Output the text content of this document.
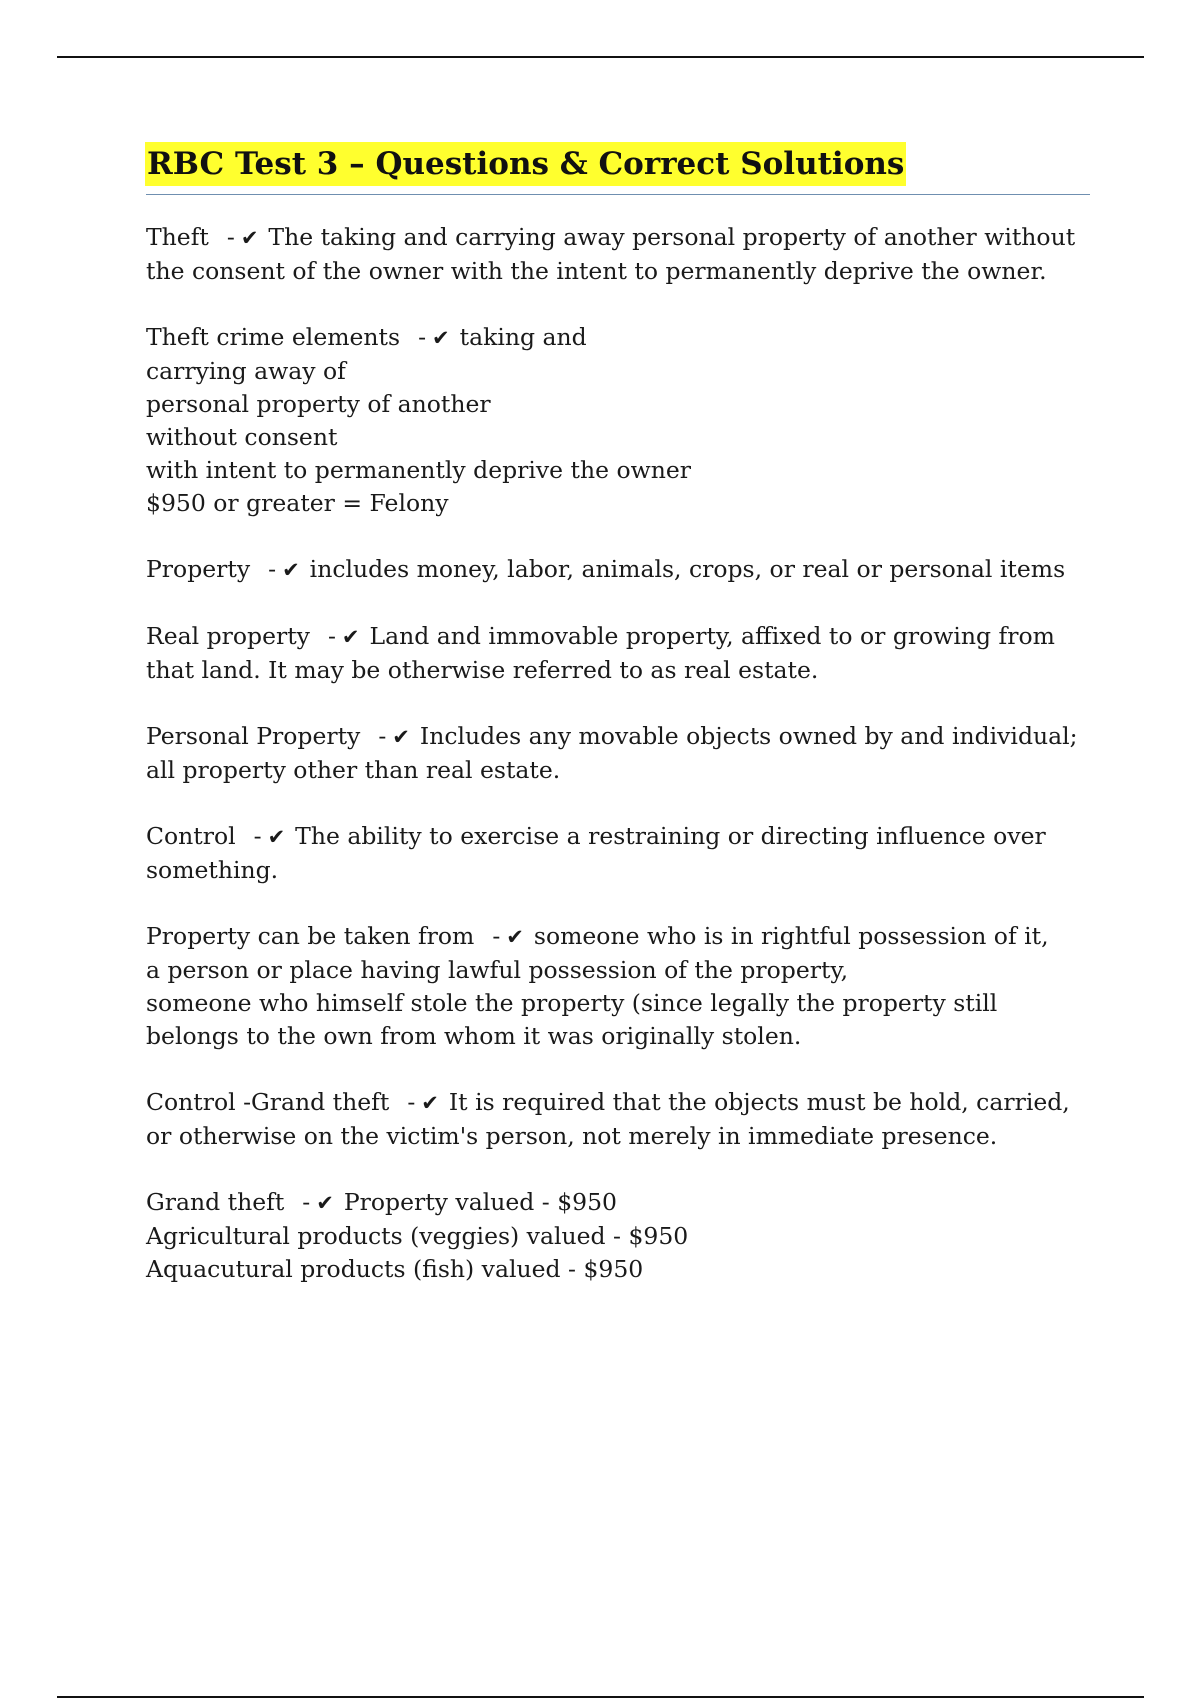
RBC Test 3 – Questions & Correct Solutions
Theft - ✔ The taking and carrying away personal property of another without the consent of the owner with the intent to permanently deprive the owner.
Theft crime elements - ✔ taking and
carrying away of
personal property of another
without consent
with intent to permanently deprive the owner
$950 or greater = Felony
Property - ✔ includes money, labor, animals, crops, or real or personal items
Real property - ✔ Land and immovable property, affixed to or growing from that land. It may be otherwise referred to as real estate.
Personal Property - ✔ Includes any movable objects owned by and individual; all property other than real estate.
Control - ✔ The ability to exercise a restraining or directing influence over something.
Property can be taken from - ✔ someone who is in rightful possession of it,
a person or place having lawful possession of the property,
someone who himself stole the property (since legally the property still belongs to the own from whom it was originally stolen.
Control -Grand theft - ✔ It is required that the objects must be hold, carried, or otherwise on the victim's person, not merely in immediate presence.
Grand theft - ✔ Property valued - $950
Agricultural products (veggies) valued - $950
Aquacutural products (fish) valued - $950
